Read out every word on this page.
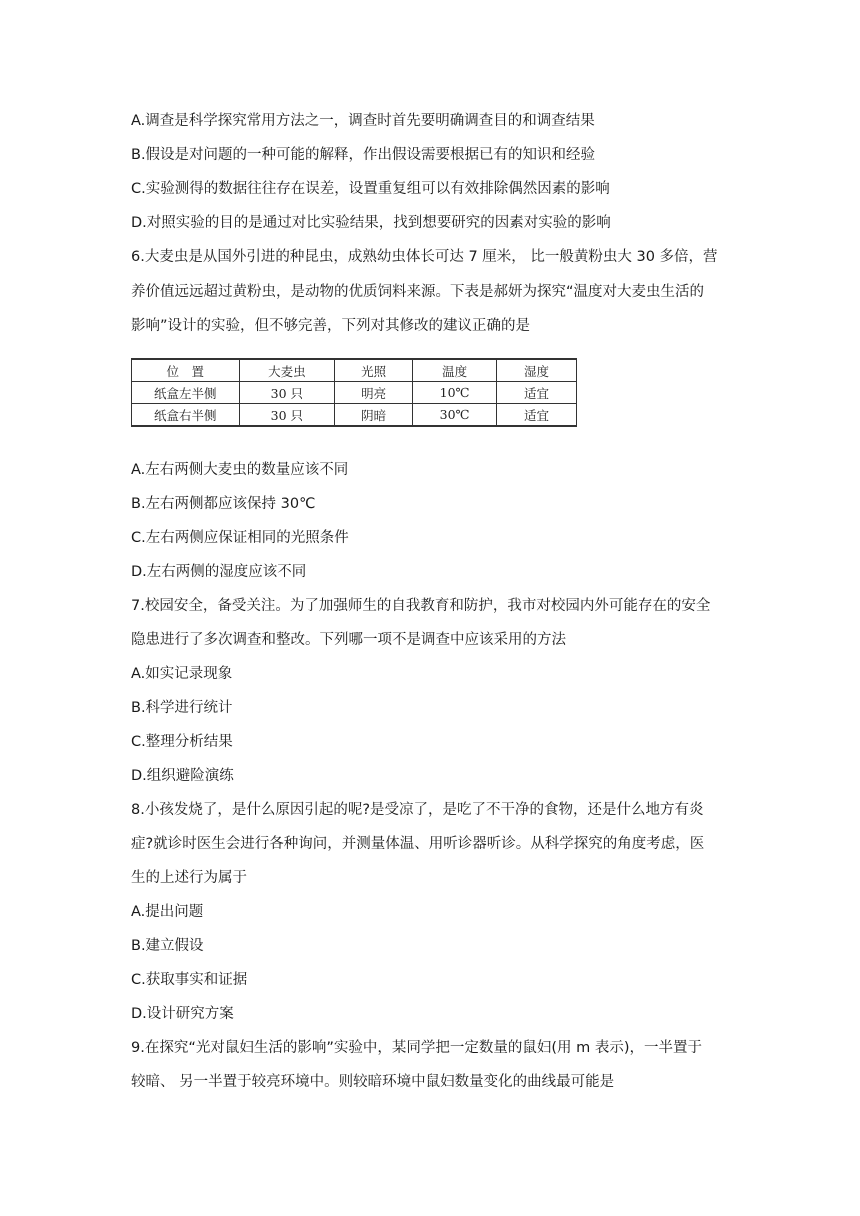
A.调查是科学探究常用方法之一，调查时首先要明确调查目的和调查结果
B.假设是对问题的一种可能的解释，作出假设需要根据已有的知识和经验
C.实验测得的数据往往存在误差，设置重复组可以有效排除偶然因素的影响
D.对照实验的目的是通过对比实验结果，找到想要研究的因素对实验的影响
6.大麦虫是从国外引进的种昆虫，成熟幼虫体长可达 7 厘米， 比一般黄粉虫大 30 多倍，营
养价值远远超过黄粉虫，是动物的优质饲料来源。下表是郝妍为探究“温度对大麦虫生活的
影响”设计的实验，但不够完善，下列对其修改的建议正确的是
位　置	大麦虫	光照	温度	湿度
纸盒左半侧	30 只	明亮	10℃	适宜
纸盒右半侧	30 只	阴暗	30℃	适宜
A.左右两侧大麦虫的数量应该不同
B.左右两侧都应该保持 30℃
C.左右两侧应保证相同的光照条件
D.左右两侧的湿度应该不同
7.校园安全，备受关注。为了加强师生的自我教育和防护，我市对校园内外可能存在的安全
隐患进行了多次调查和整改。下列哪一项不是调查中应该采用的方法
A.如实记录现象
B.科学进行统计
C.整理分析结果
D.组织避险演练
8.小孩发烧了，是什么原因引起的呢?是受凉了，是吃了不干净的食物，还是什么地方有炎
症?就诊时医生会进行各种询问，并测量体温、用听诊器听诊。从科学探究的角度考虑，医
生的上述行为属于
A.提出问题
B.建立假设
C.获取事实和证据
D.设计研究方案
9.在探究“光对鼠妇生活的影响”实验中，某同学把一定数量的鼠妇(用 m 表示)，一半置于
较暗、 另一半置于较亮环境中。则较暗环境中鼠妇数量变化的曲线最可能是
